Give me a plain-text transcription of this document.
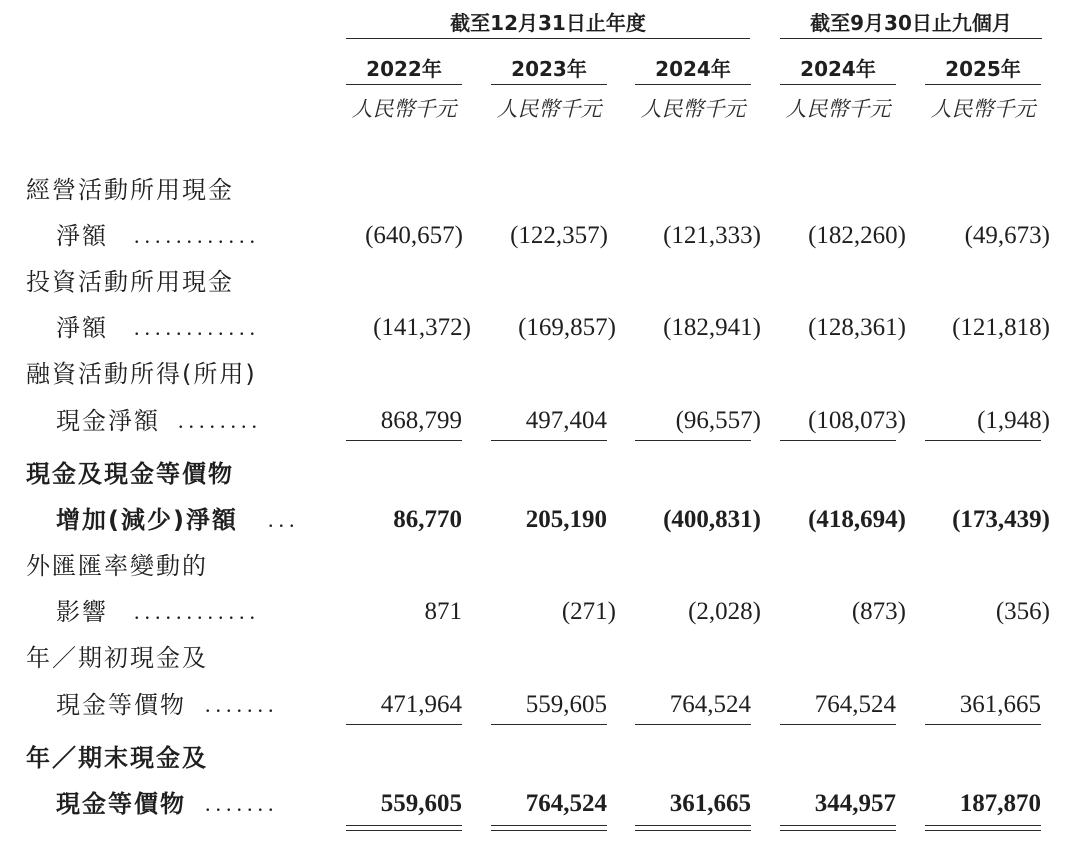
截至12月31日止年度	截至9月30日止九個月
2022年	2023年	2024年	2024年	2025年
人民幣千元	人民幣千元	人民幣千元	人民幣千元	人民幣千元
經營活動所用現金
淨額 ............	(640,657) (122,357) (121,333) (182,260) (49,673)
投資活動所用現金
淨額 ............	(141,372) (169,857) (182,941) (128,361) (121,818)
融資活動所得(所用)
現金淨額 ........	868,799	497,404	(96,557) (108,073)	(1,948)
現金及現金等價物
增加(減少)淨額 ...	86,770	205,190 (400,831) (418,694) (173,439)
外匯匯率變動的
影響 ............	871	(271)	(2,028)	(873)	(356)
年／期初現金及
現金等價物 .......	471,964	559,605	764,524	764,524	361,665
年／期末現金及
現金等價物 .......	559,605	764,524	361,665	344,957	187,870
